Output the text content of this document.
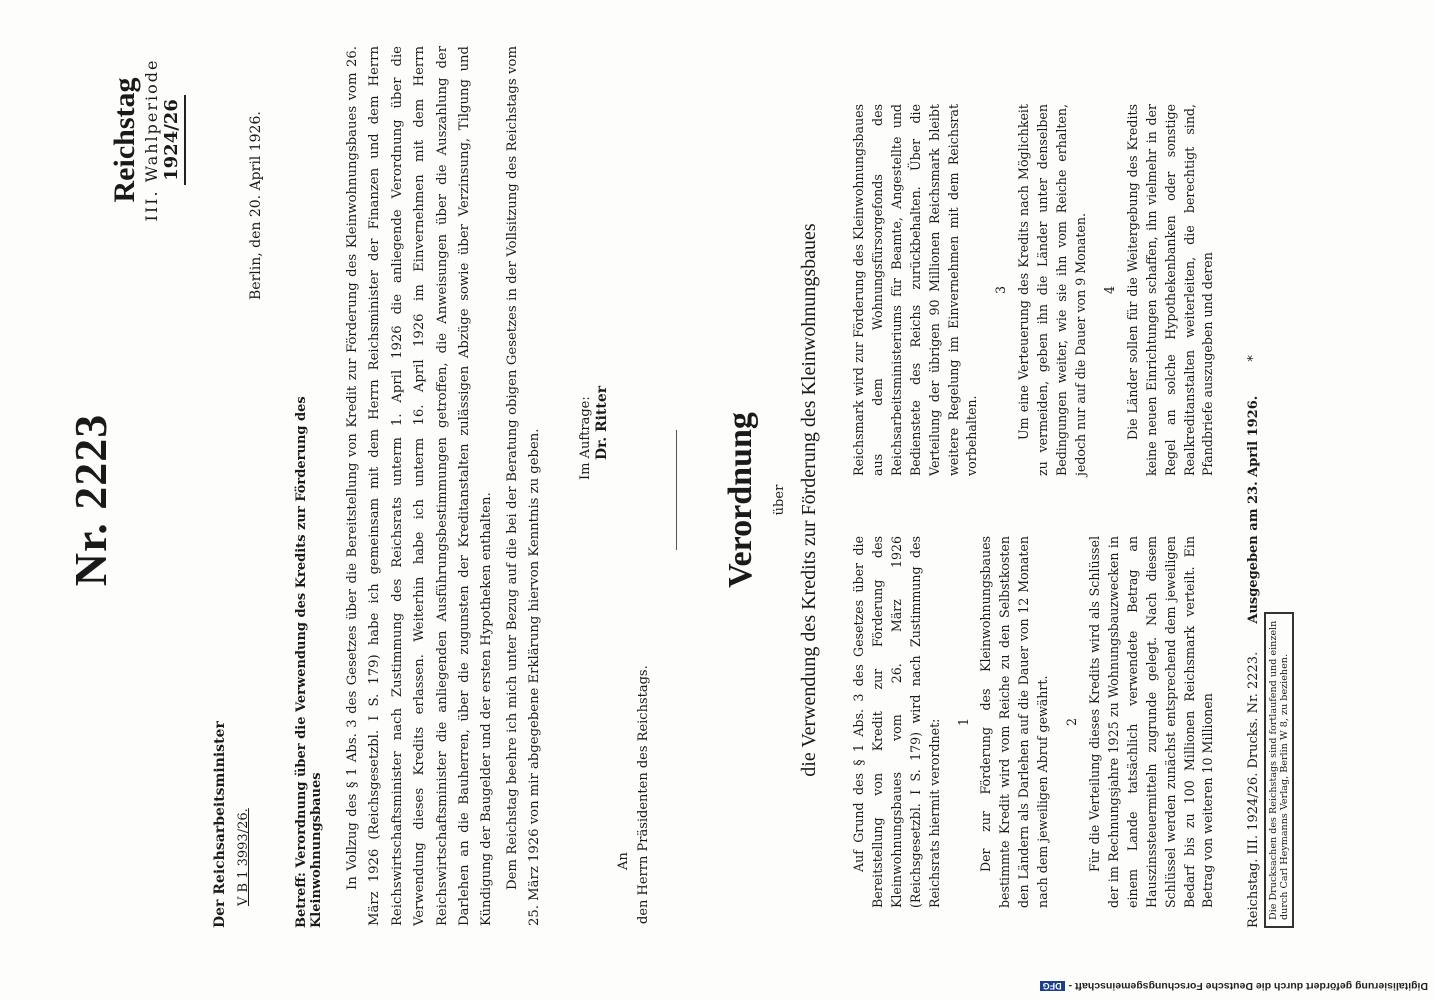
Nr. 2223
Reichstag III. Wahlperiode 1924/26
Der Reichsarbeitsminister V B 1 3993/26.
Berlin, den 20. April 1926.
Betreff: Verordnung über die Verwendung des Kredits zur Förderung des Kleinwohnungsbaues In Vollzug des § 1 Abs. 3 des Gesetzes über die Bereitstellung von Kredit zur Förderung des Kleinwohnungsbaues vom 26. März 1926 (Reichsgesetzbl. I S. 179) habe ich gemeinsam mit dem Herrn Reichsminister der Finanzen und dem Herrn Reichswirtschaftsminister nach Zustimmung des Reichsrats unterm 1. April 1926 die anliegende Verordnung über die Verwendung dieses Kredits erlassen. Weiterhin habe ich unterm 16. April 1926 im Einvernehmen mit dem Herrn Reichswirtschaftsminister die anliegenden Ausführungsbestimmungen getroffen, die Anweisungen über die Auszahlung der Darlehen an die Bauherren, über die zugunsten der Kreditanstalten zulässigen Abzüge sowie über Verzinsung, Tilgung und Kündigung der Baugelder und der ersten Hypotheken enthalten. Dem Reichstag beehre ich mich unter Bezug auf die bei der Beratung obigen Gesetzes in der Vollsitzung des Reichstags vom 25. März 1926 von mir abgegebene Erklärung hiervon Kenntnis zu geben.	Im Auftrage: Dr. Ritter
An den Herrn Präsidenten des Reichstags.
Verordnung über die Verwendung des Kredits zur Förderung des Kleinwohnungsbaues Auf Grund des § 1 Abs. 3 des Gesetzes über die Bereitstellung von Kredit zur Förderung des Kleinwohnungsbaues vom 26. März 1926 (Reichsgesetzbl. I S. 179) wird nach Zustimmung des Reichsrats hiermit verordnet: 1 Der zur Förderung des Kleinwohnungsbaues bestimmte Kredit wird vom Reiche zu den Selbstkosten den Ländern als Darlehen auf die Dauer von 12 Monaten nach dem jeweiligen Abruf gewährt. 2 Für die Verteilung dieses Kredits wird als Schlüssel der im Rechnungsjahre 1925 zu Wohnungsbauzwecken in einem Lande tatsächlich verwendete Betrag an Hauszinssteuermitteln zugrunde gelegt. Nach diesem Schlüssel werden zunächst entsprechend dem jeweiligen Bedarf bis zu 100 Millionen Reichsmark verteilt. Ein Betrag von weiteren 10 Millionen

Reichsmark wird zur Förderung des Kleinwohnungsbaues aus dem Wohnungsfürsorgefonds des Reichsarbeitsministeriums für Beamte, Angestellte und Bedienstete des Reichs zurückbehalten. Über die Verteilung der übrigen 90 Millionen Reichsmark bleibt weitere Regelung im Einvernehmen mit dem Reichsrat vorbehalten.

3 Um eine Verteuerung des Kredits nach Möglichkeit zu vermeiden, geben ihn die Länder unter denselben Bedingungen weiter, wie sie ihn vom Reiche erhalten, jedoch nur auf die Dauer von 9 Monaten. 4 Die Länder sollen für die Weitergebung des Kredits keine neuen Einrichtungen schaffen, ihn vielmehr in der Regel an solche Hypothekenbanken oder sonstige Realkreditanstalten weiterleiten, die berechtigt sind, Pfandbriefe auszugeben und deren

Reichstag. III. 1924/26. Drucks. Nr. 2223. Ausgegeben am 23. April 1926. *
Die Drucksachen des Reichstags sind fortlaufend und einzeln durch Carl Heymanns Verlag, Berlin W 8, zu beziehen.
Digitalisierung gefördert durch die Deutsche Forschungsgemeinschaft -DFG
